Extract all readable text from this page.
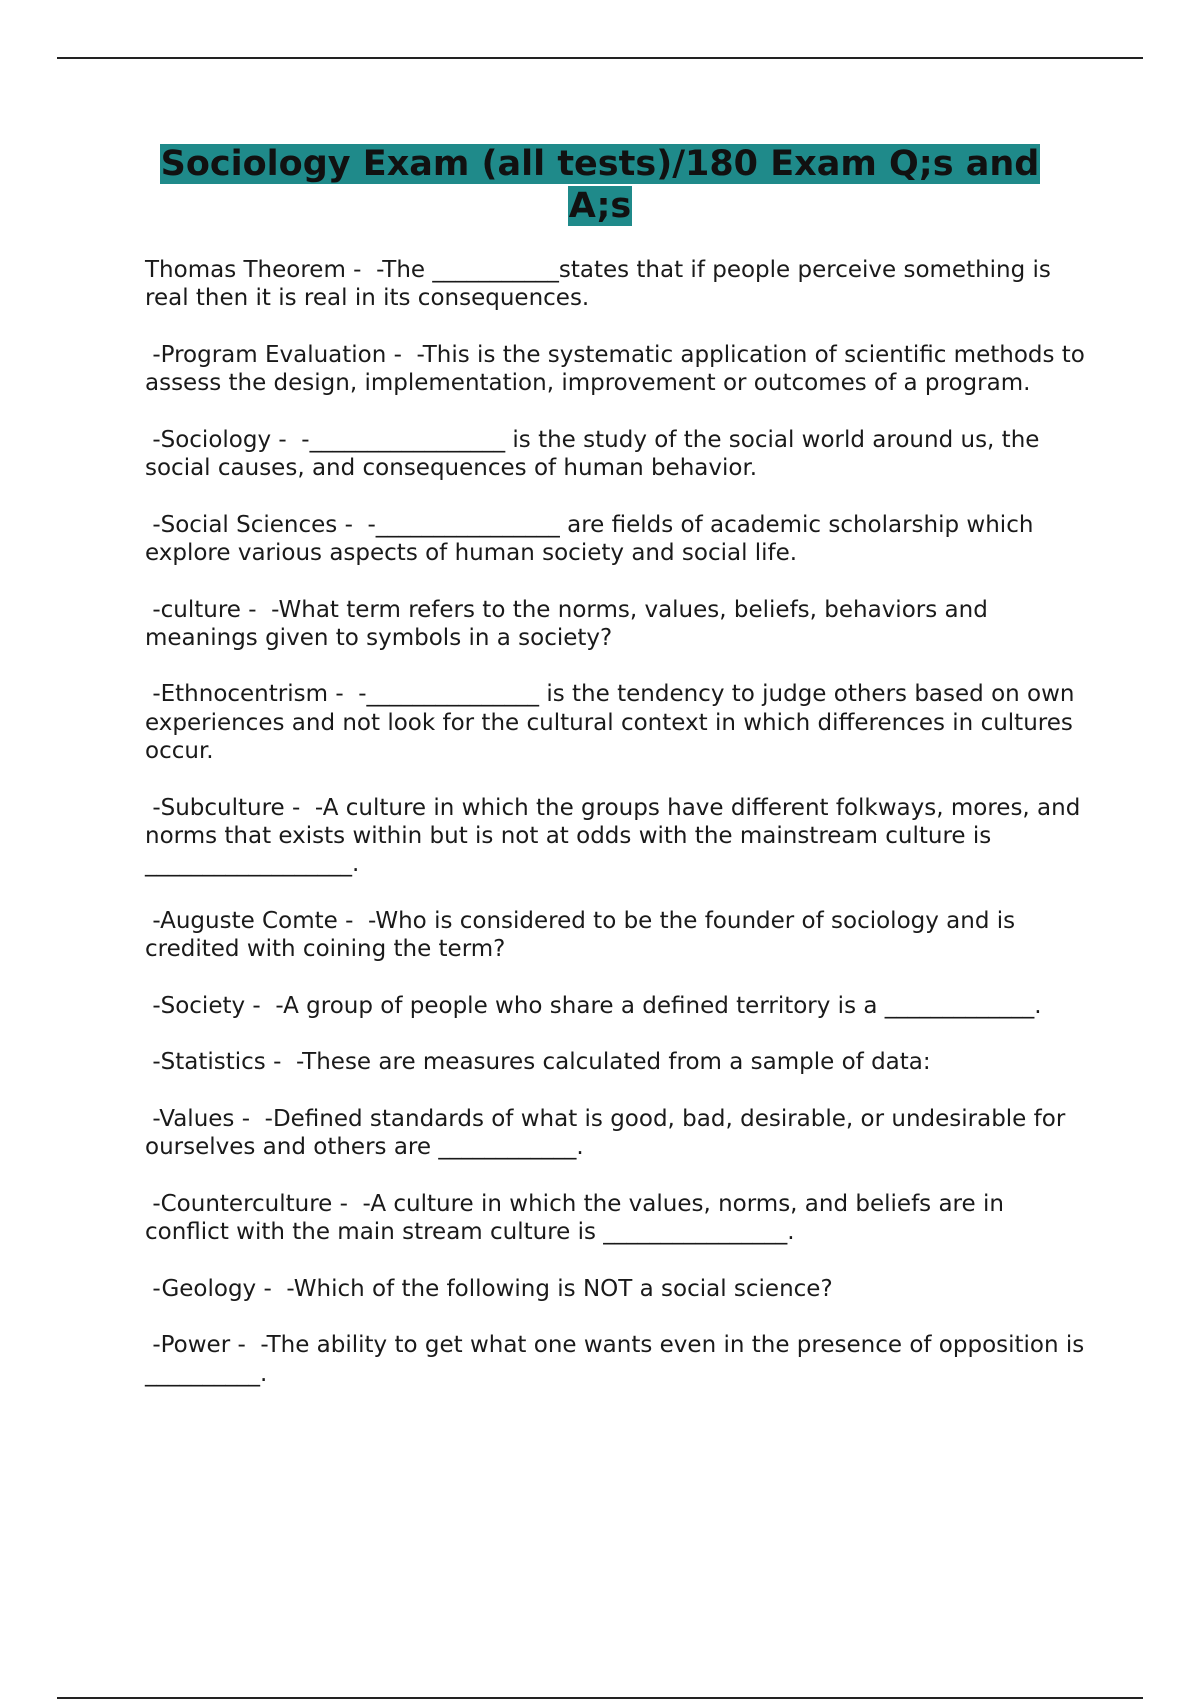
Sociology Exam (all tests)/180 Exam Q;s and A;s
Thomas Theorem -  -The ___________states that if people perceive something is real then it is real in its consequences.
-Program Evaluation -  -This is the systematic application of scientific methods to assess the design, implementation, improvement or outcomes of a program.
-Sociology -  -_________________ is the study of the social world around us, the social causes, and consequences of human behavior.
-Social Sciences -  -________________ are fields of academic scholarship which explore various aspects of human society and social life.
-culture -  -What term refers to the norms, values, beliefs, behaviors and meanings given to symbols in a society?
-Ethnocentrism -  -_______________ is the tendency to judge others based on own experiences and not look for the cultural context in which differences in cultures occur.
-Subculture -  -A culture in which the groups have different folkways, mores, and norms that exists within but is not at odds with the mainstream culture is __________________.
-Auguste Comte -  -Who is considered to be the founder of sociology and is credited with coining the term?
-Society -  -A group of people who share a defined territory is a _____________.
-Statistics -  -These are measures calculated from a sample of data:
-Values -  -Defined standards of what is good, bad, desirable, or undesirable for ourselves and others are ____________.
-Counterculture -  -A culture in which the values, norms, and beliefs are in conflict with the main stream culture is ________________.
-Geology -  -Which of the following is NOT a social science?
-Power -  -The ability to get what one wants even in the presence of opposition is __________.
